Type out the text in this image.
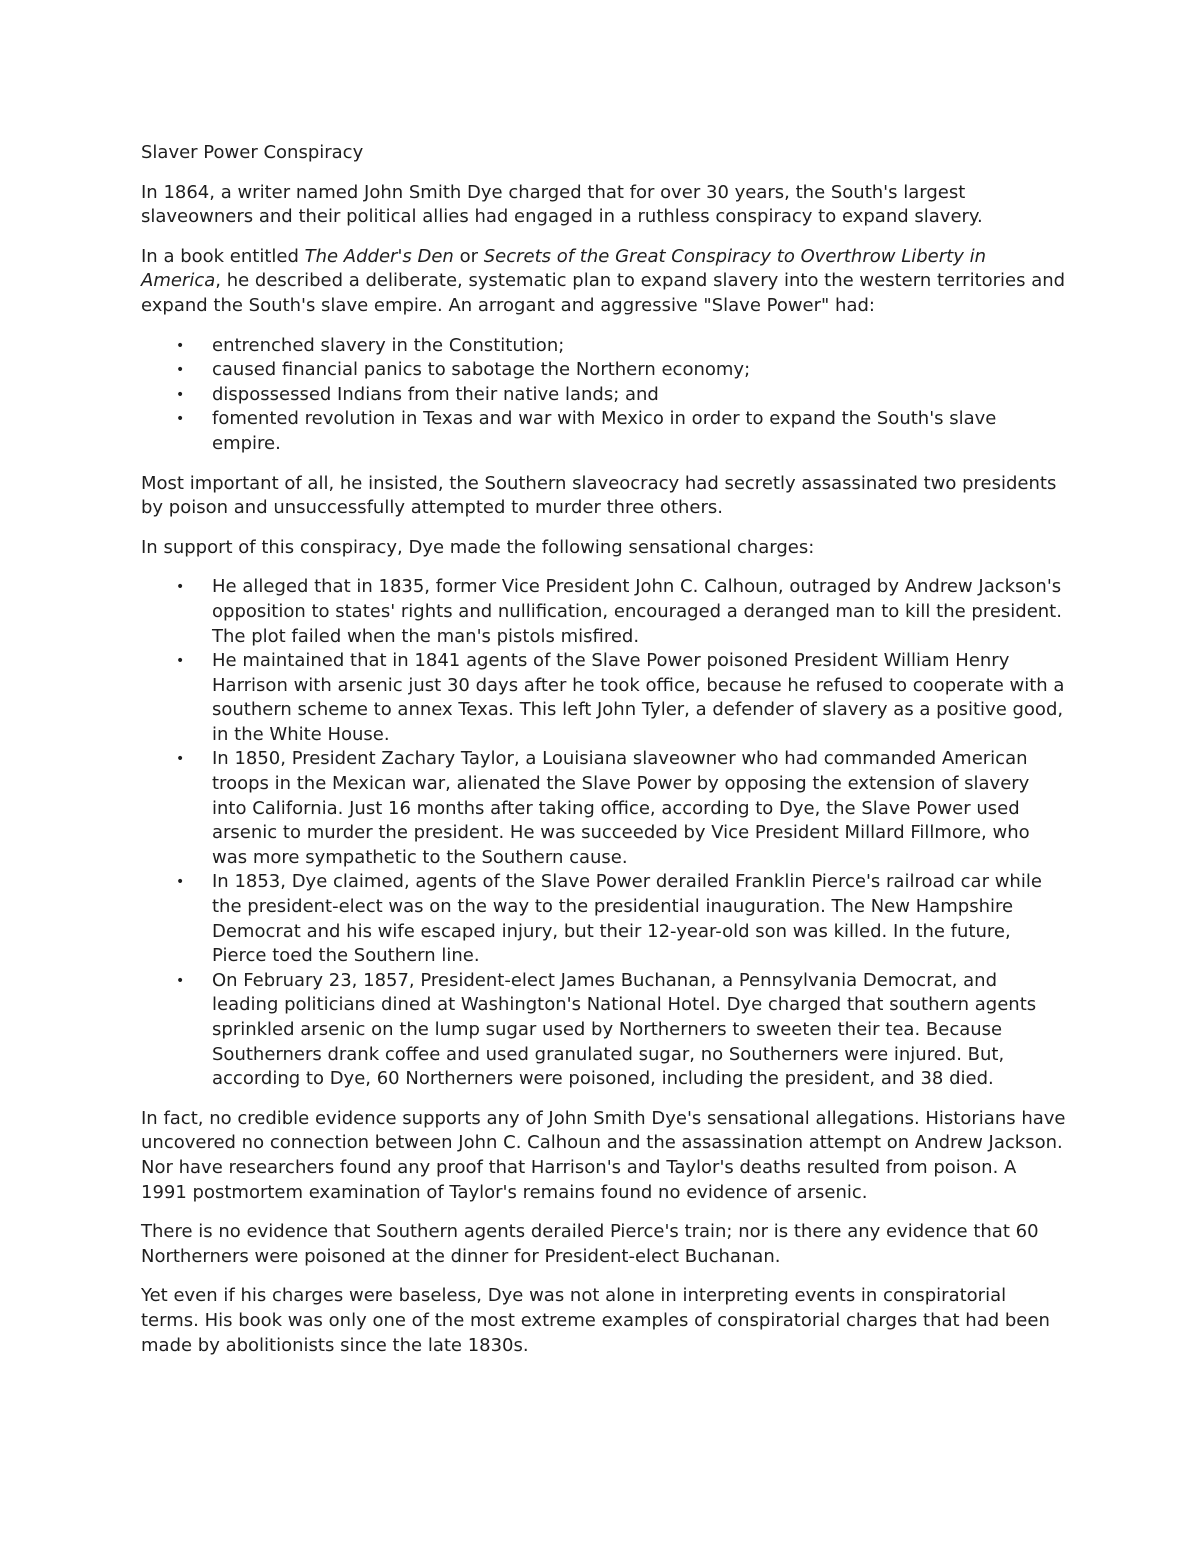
Slaver Power Conspiracy

In 1864, a writer named John Smith Dye charged that for over 30 years, the South's largest slaveowners and their political allies had engaged in a ruthless conspiracy to expand slavery.

In a book entitled The Adder's Den or Secrets of the Great Conspiracy to Overthrow Liberty in America, he described a deliberate, systematic plan to expand slavery into the western territories and expand the South's slave empire. An arrogant and aggressive "Slave Power" had:

• entrenched slavery in the Constitution;
• caused financial panics to sabotage the Northern economy;
• dispossessed Indians from their native lands; and
• fomented revolution in Texas and war with Mexico in order to expand the South's slave empire.

Most important of all, he insisted, the Southern slaveocracy had secretly assassinated two presidents by poison and unsuccessfully attempted to murder three others.

In support of this conspiracy, Dye made the following sensational charges:

• He alleged that in 1835, former Vice President John C. Calhoun, outraged by Andrew Jackson's opposition to states' rights and nullification, encouraged a deranged man to kill the president. The plot failed when the man's pistols misfired.
• He maintained that in 1841 agents of the Slave Power poisoned President William Henry Harrison with arsenic just 30 days after he took office, because he refused to cooperate with a southern scheme to annex Texas. This left John Tyler, a defender of slavery as a positive good, in the White House.
• In 1850, President Zachary Taylor, a Louisiana slaveowner who had commanded American troops in the Mexican war, alienated the Slave Power by opposing the extension of slavery into California. Just 16 months after taking office, according to Dye, the Slave Power used arsenic to murder the president. He was succeeded by Vice President Millard Fillmore, who was more sympathetic to the Southern cause.
• In 1853, Dye claimed, agents of the Slave Power derailed Franklin Pierce's railroad car while the president-elect was on the way to the presidential inauguration. The New Hampshire Democrat and his wife escaped injury, but their 12-year-old son was killed. In the future, Pierce toed the Southern line.
• On February 23, 1857, President-elect James Buchanan, a Pennsylvania Democrat, and leading politicians dined at Washington's National Hotel. Dye charged that southern agents sprinkled arsenic on the lump sugar used by Northerners to sweeten their tea. Because Southerners drank coffee and used granulated sugar, no Southerners were injured. But, according to Dye, 60 Northerners were poisoned, including the president, and 38 died.

In fact, no credible evidence supports any of John Smith Dye's sensational allegations. Historians have uncovered no connection between John C. Calhoun and the assassination attempt on Andrew Jackson. Nor have researchers found any proof that Harrison's and Taylor's deaths resulted from poison. A 1991 postmortem examination of Taylor's remains found no evidence of arsenic.

There is no evidence that Southern agents derailed Pierce's train; nor is there any evidence that 60 Northerners were poisoned at the dinner for President-elect Buchanan.

Yet even if his charges were baseless, Dye was not alone in interpreting events in conspiratorial terms. His book was only one of the most extreme examples of conspiratorial charges that had been made by abolitionists since the late 1830s.
